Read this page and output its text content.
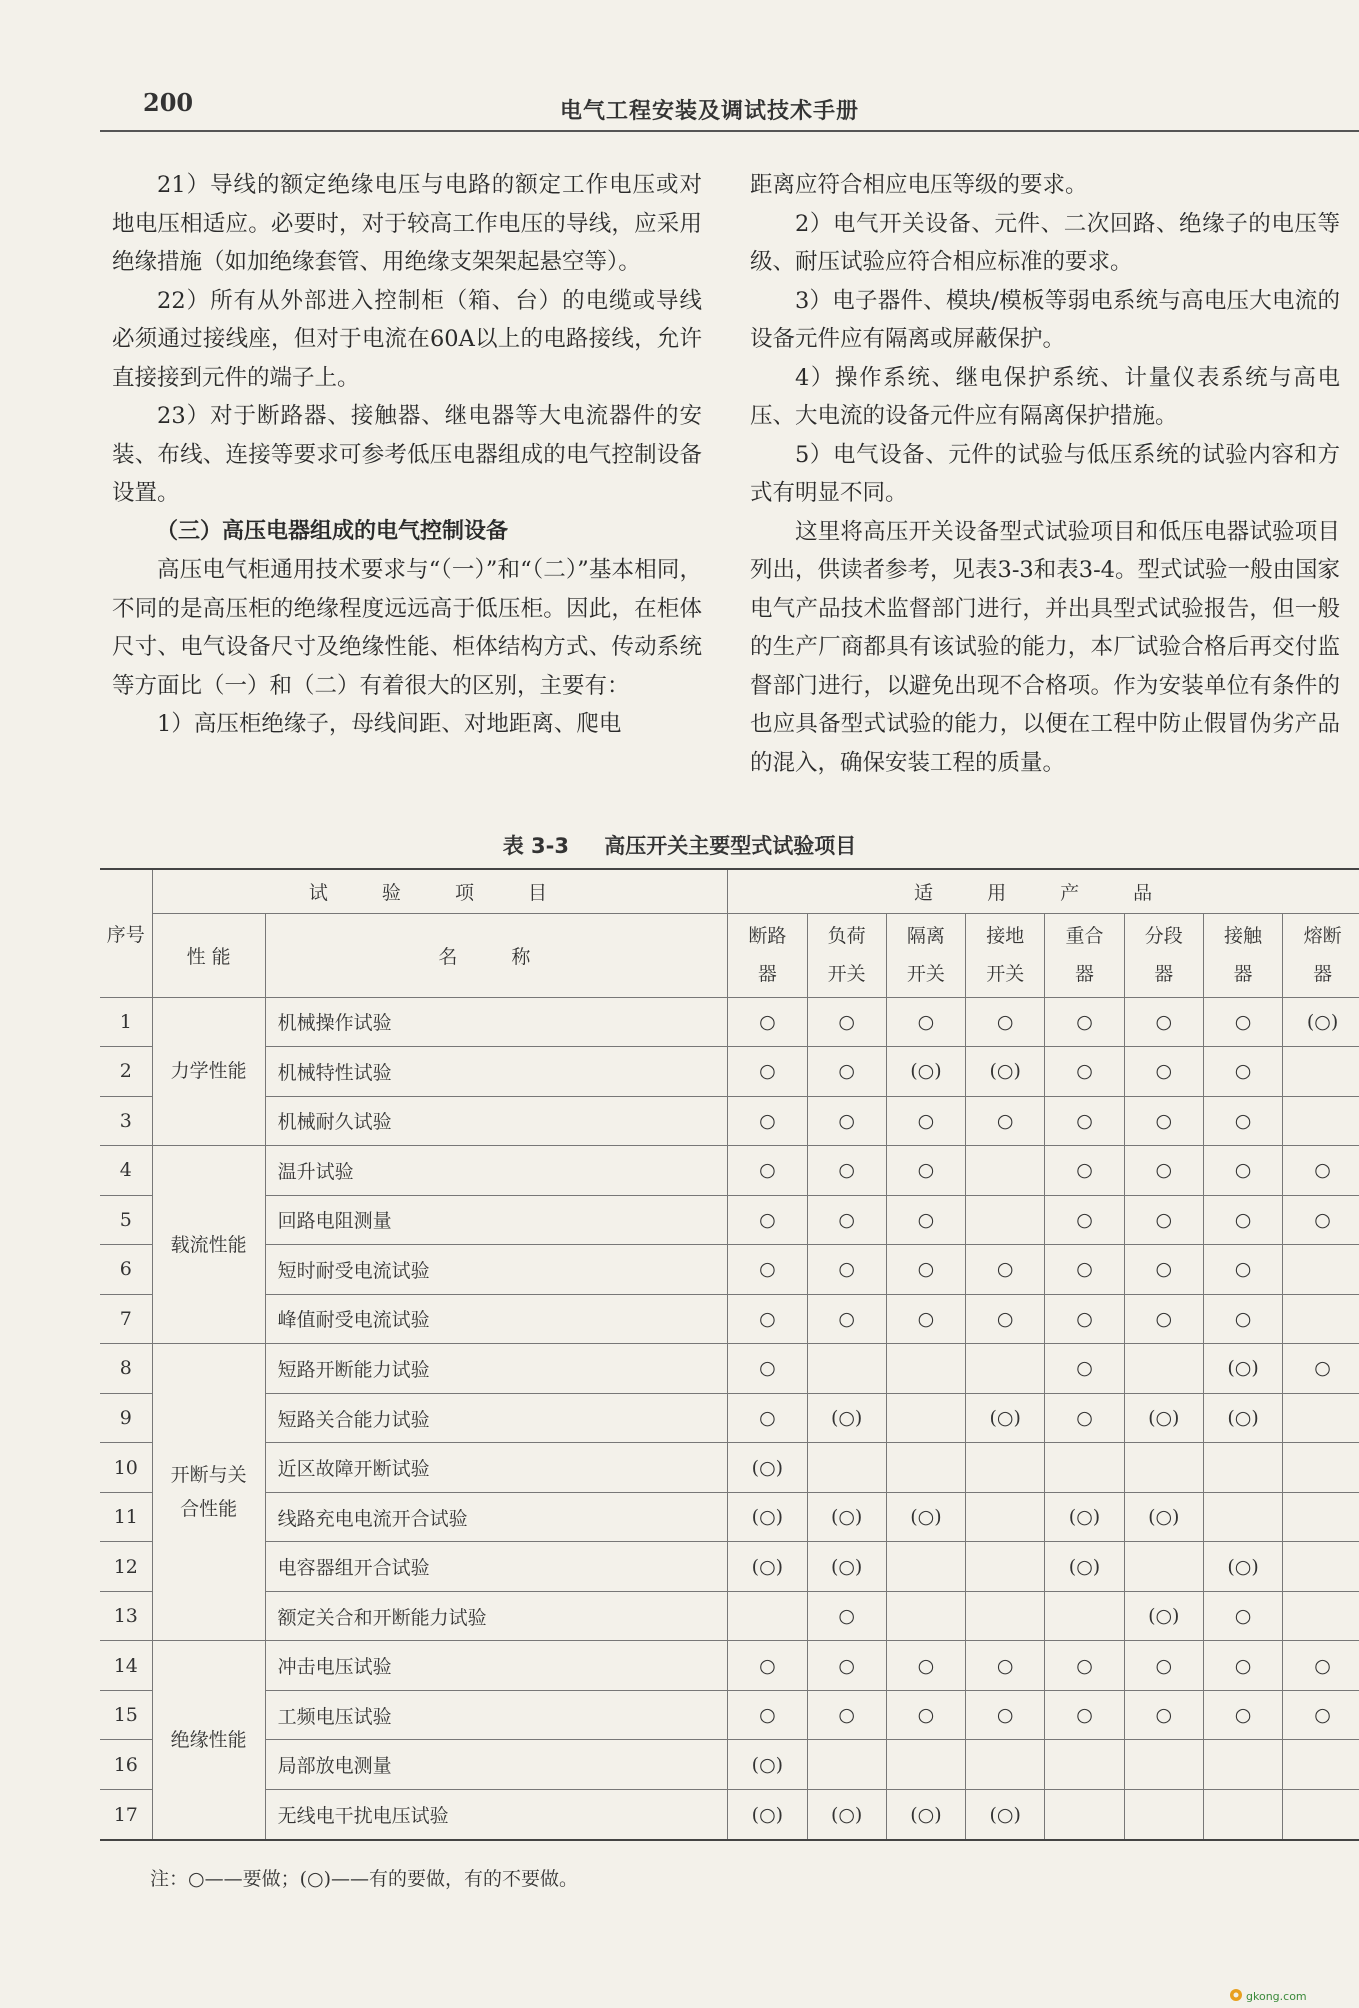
200	电气工程安装及调试技术手册

21）导线的额定绝缘电压与电路的额定工作电压或对地电压相适应。必要时，对于较高工作电压的导线，应采用绝缘措施（如加绝缘套管、用绝缘支架架起悬空等）。

22）所有从外部进入控制柜（箱、台）的电缆或导线必须通过接线座，但对于电流在60A以上的电路接线，允许直接接到元件的端子上。

23）对于断路器、接触器、继电器等大电流器件的安装、布线、连接等要求可参考低压电器组成的电气控制设备设置。

（三）高压电器组成的电气控制设备

高压电气柜通用技术要求与“（一）”和“（二）”基本相同，不同的是高压柜的绝缘程度远远高于低压柜。因此，在柜体尺寸、电气设备尺寸及绝缘性能、柜体结构方式、传动系统等方面比（一）和（二）有着很大的区别，主要有：

1）高压柜绝缘子，母线间距、对地距离、爬电

距离应符合相应电压等级的要求。

2）电气开关设备、元件、二次回路、绝缘子的电压等级、耐压试验应符合相应标准的要求。

3）电子器件、模块/模板等弱电系统与高电压大电流的设备元件应有隔离或屏蔽保护。

4）操作系统、继电保护系统、计量仪表系统与高电压、大电流的设备元件应有隔离保护措施。

5）电气设备、元件的试验与低压系统的试验内容和方式有明显不同。

这里将高压开关设备型式试验项目和低压电器试验项目列出，供读者参考，见表3-3和表3-4。型式试验一般由国家电气产品技术监督部门进行，并出具型式试验报告，但一般的生产厂商都具有该试验的能力，本厂试验合格后再交付监督部门进行，以避免出现不合格项。作为安装单位有条件的也应具备型式试验的能力，以便在工程中防止假冒伪劣产品的混入，确保安装工程的质量。

表 3-3 高压开关主要型式试验项目
序号	试 验 项 目		适 用 产 品							
	性 能	名 称	断路器	负荷开关	隔离开关	接地开关	重合器	分段器	接触器	熔断器
1	力学性能	机械操作试验	○	○	○	○	○	○	○	(○)
2		机械特性试验	○	○	(○)	(○)	○	○	○	
3		机械耐久试验	○	○	○	○	○	○	○	
4	载流性能	温升试验	○	○	○		○	○	○	○
5		回路电阻测量	○	○	○		○	○	○	○
6		短时耐受电流试验	○	○	○	○	○	○	○	
7		峰值耐受电流试验	○	○	○	○	○	○	○	
8	开断与关合性能	短路开断能力试验	○				○		(○)	○
9		短路关合能力试验	○	(○)		(○)	○	(○)	(○)	
10		近区故障开断试验	(○)							
11		线路充电电流开合试验	(○)	(○)	(○)		(○)	(○)		
12		电容器组开合试验	(○)	(○)			(○)		(○)	
13		额定关合和开断能力试验		○				(○)	○	
14	绝缘性能	冲击电压试验	○	○	○	○	○	○	○	○
15		工频电压试验	○	○	○	○	○	○	○	○
16		局部放电测量	(○)							
17		无线电干扰电压试验	(○)	(○)	(○)	(○)				
注：○——要做；(○)——有的要做，有的不要做。
gkong.com
